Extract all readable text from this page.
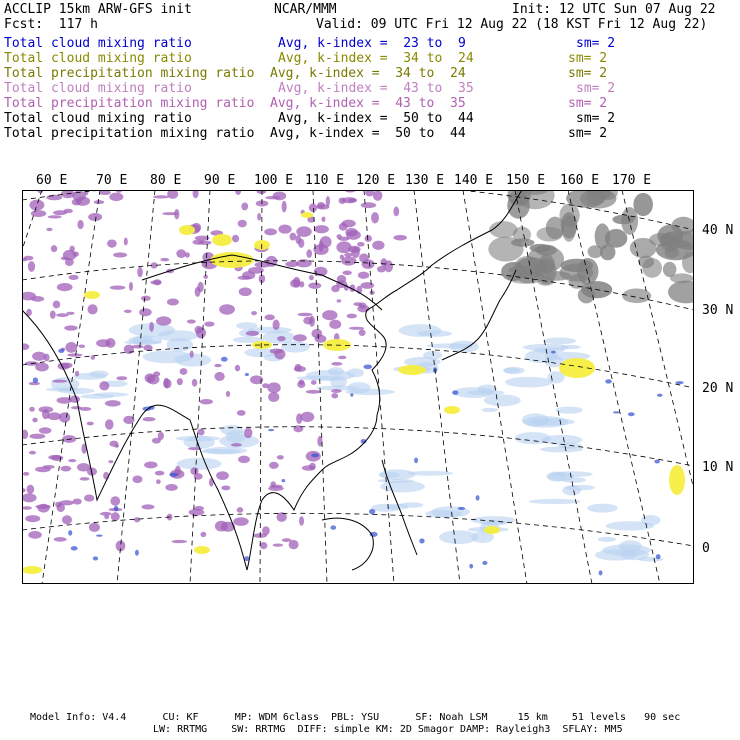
ACCLIP 15km ARW-GFS init	NCAR/MMM	Init: 12 UTC Sun 07 Aug 22
Fcst:  117 h	Valid: 09 UTC Fri 12 Aug 22 (18 KST Fri 12 Aug 22)
Total cloud mixing ratio	Avg, k-index =  23 to  9	sm= 2
Total cloud mixing ratio	Avg, k-index =  34 to  24	sm= 2
Total precipitation mixing ratio Avg, k-index =  34 to  24	sm= 2
Total cloud mixing ratio	Avg, k-index =  43 to  35	sm= 2
Total precipitation mixing ratio Avg, k-index =  43 to  35	sm= 2
Total cloud mixing ratio	Avg, k-index =  50 to  44	sm= 2
Total precipitation mixing ratio Avg, k-index =  50 to  44	sm= 2
60 E 70 E 80 E 90 E 100 E 110 E 120 E 130 E 140 E 150 E 160 E 170 E
40 N
30 N
20 N
10 N
0
Model Info: V4.4      CU: KF      MP: WDM 6class  PBL: YSU      SF: Noah LSM     15 km    51 levels   90 sec
LW: RRTMG    SW: RRTMG  DIFF: simple KM: 2D Smagor DAMP: Rayleigh3  SFLAY: MM5
